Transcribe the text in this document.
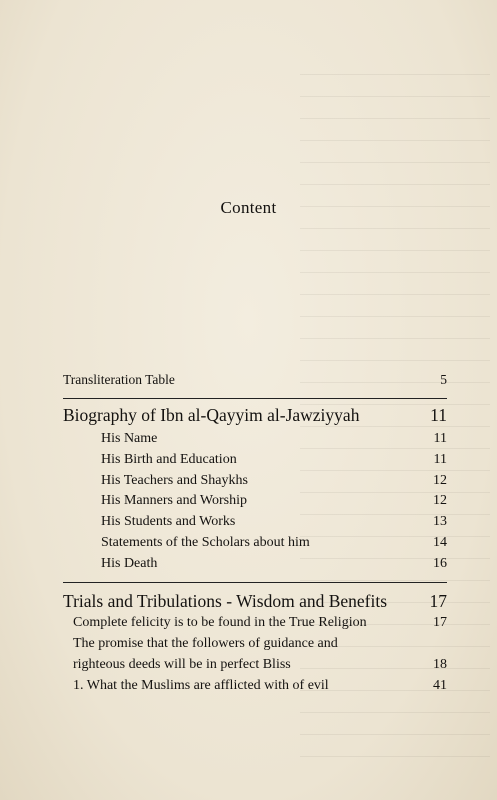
Content
Transliteration Table	5
Biography of Ibn al-Qayyim al-Jawziyyah	11
His Name	11
His Birth and Education	11
His Teachers and Shaykhs	12
His Manners and Worship	12
His Students and Works	13
Statements of the Scholars about him	14
His Death	16
Trials and Tribulations - Wisdom and Benefits	17
Complete felicity is to be found in the True Religion	17
The promise that the followers of guidance and
righteous deeds will be in perfect Bliss	18
1. What the Muslims are afflicted with of evil	41
